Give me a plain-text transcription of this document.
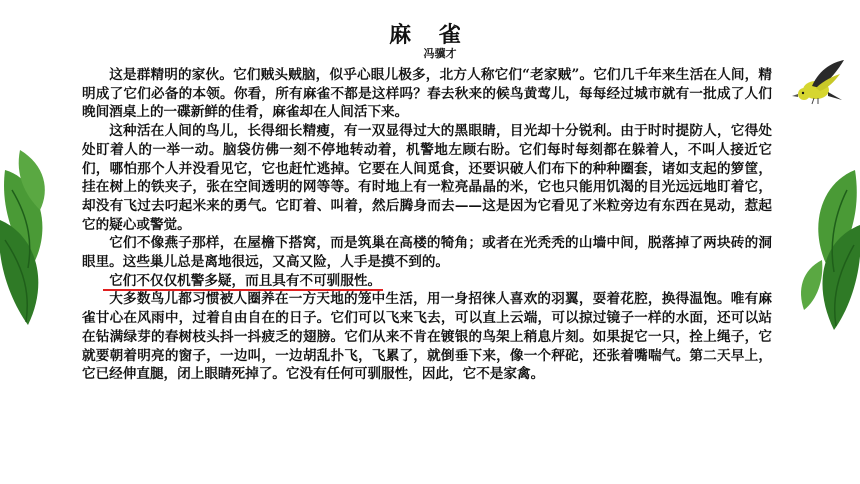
麻 雀
冯骥才

这是群精明的家伙。它们贼头贼脑，似乎心眼儿极多，北方人称它们“老家贼”。它们几千年来生活在人间，精明成了它们必备的本领。你看，所有麻雀不都是这样吗？春去秋来的候鸟黄莺儿，每每经过城市就有一批成了人们晚间酒桌上的一碟新鲜的佳肴，麻雀却在人间活下来。

这种活在人间的鸟儿，长得细长精瘦，有一双显得过大的黑眼睛，目光却十分锐利。由于时时提防人，它得处处盯着人的一举一动。脑袋仿佛一刻不停地转动着，机警地左顾右盼。它们每时每刻都在躲着人，不叫人接近它们，哪怕那个人并没看见它，它也赶忙逃掉。它要在人间觅食，还要识破人们布下的种种圈套，诸如支起的箩筐，挂在树上的铁夹子，张在空间透明的网等等。有时地上有一粒亮晶晶的米，它也只能用饥渴的目光远远地盯着它，却没有飞过去叼起米来的勇气。它盯着、叫着，然后腾身而去——这是因为它看见了米粒旁边有东西在晃动，惹起它的疑心或警觉。

它们不像燕子那样，在屋檐下搭窝，而是筑巢在高楼的犄角；或者在光秃秃的山墙中间，脱落掉了两块砖的洞眼里。这些巢儿总是离地很远，又高又险，人手是摸不到的。

它们不仅仅机警多疑，而且具有不可驯服性。

大多数鸟儿都习惯被人圈养在一方天地的笼中生活，用一身招徕人喜欢的羽翼，耍着花腔，换得温饱。唯有麻雀甘心在风雨中，过着自由自在的日子。它们可以飞来飞去，可以直上云端，可以掠过镜子一样的水面，还可以站在钻满绿芽的春树枝头抖一抖疲乏的翅膀。它们从来不肯在镀银的鸟架上稍息片刻。如果捉它一只，拴上绳子，它就要朝着明亮的窗子，一边叫，一边胡乱扑飞，飞累了，就倒垂下来，像一个秤砣，还张着嘴喘气。第二天早上，它已经伸直腿，闭上眼睛死掉了。它没有任何可驯服性，因此，它不是家禽。
